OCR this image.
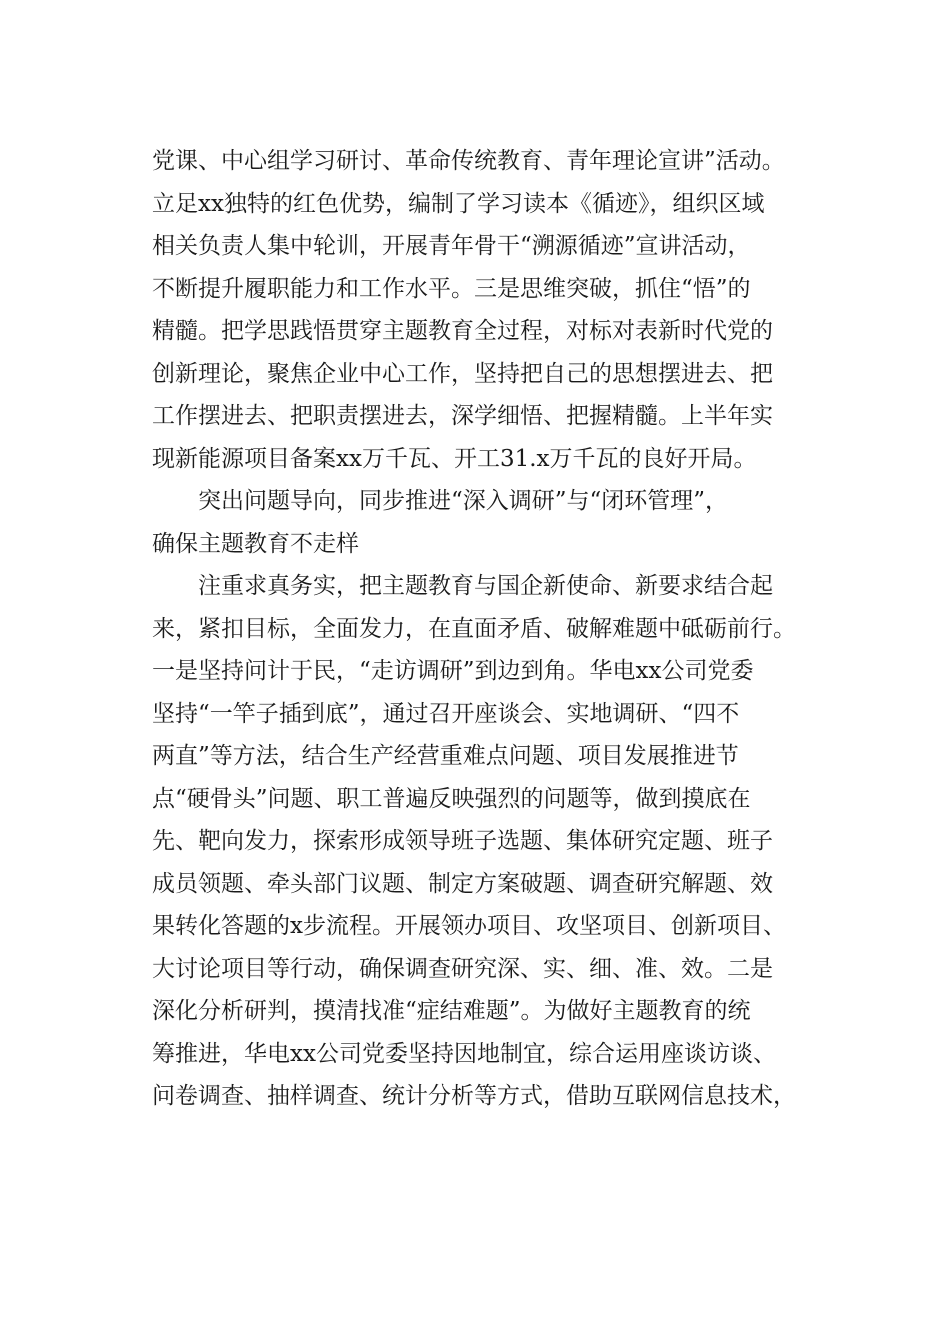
党课、中心组学习研讨、革命传统教育、青年理论宣讲”活动。
立足xx独特的红色优势，编制了学习读本《循迹》，组织区域
相关负责人集中轮训，开展青年骨干“溯源循迹”宣讲活动，
不断提升履职能力和工作水平。三是思维突破，抓住“悟”的
精髓。把学思践悟贯穿主题教育全过程，对标对表新时代党的
创新理论，聚焦企业中心工作，坚持把自己的思想摆进去、把
工作摆进去、把职责摆进去，深学细悟、把握精髓。上半年实
现新能源项目备案xx万千瓦、开工31.x万千瓦的良好开局。
突出问题导向，同步推进“深入调研”与“闭环管理”，
确保主题教育不走样
注重求真务实，把主题教育与国企新使命、新要求结合起
来，紧扣目标，全面发力，在直面矛盾、破解难题中砥砺前行。
一是坚持问计于民，“走访调研”到边到角。华电xx公司党委
坚持“一竿子插到底”，通过召开座谈会、实地调研、“四不
两直”等方法，结合生产经营重难点问题、项目发展推进节
点“硬骨头”问题、职工普遍反映强烈的问题等，做到摸底在
先、靶向发力，探索形成领导班子选题、集体研究定题、班子
成员领题、牵头部门议题、制定方案破题、调查研究解题、效
果转化答题的x步流程。开展领办项目、攻坚项目、创新项目、
大讨论项目等行动，确保调查研究深、实、细、准、效。二是
深化分析研判，摸清找准“症结难题”。为做好主题教育的统
筹推进，华电xx公司党委坚持因地制宜，综合运用座谈访谈、
问卷调查、抽样调查、统计分析等方式，借助互联网信息技术，
